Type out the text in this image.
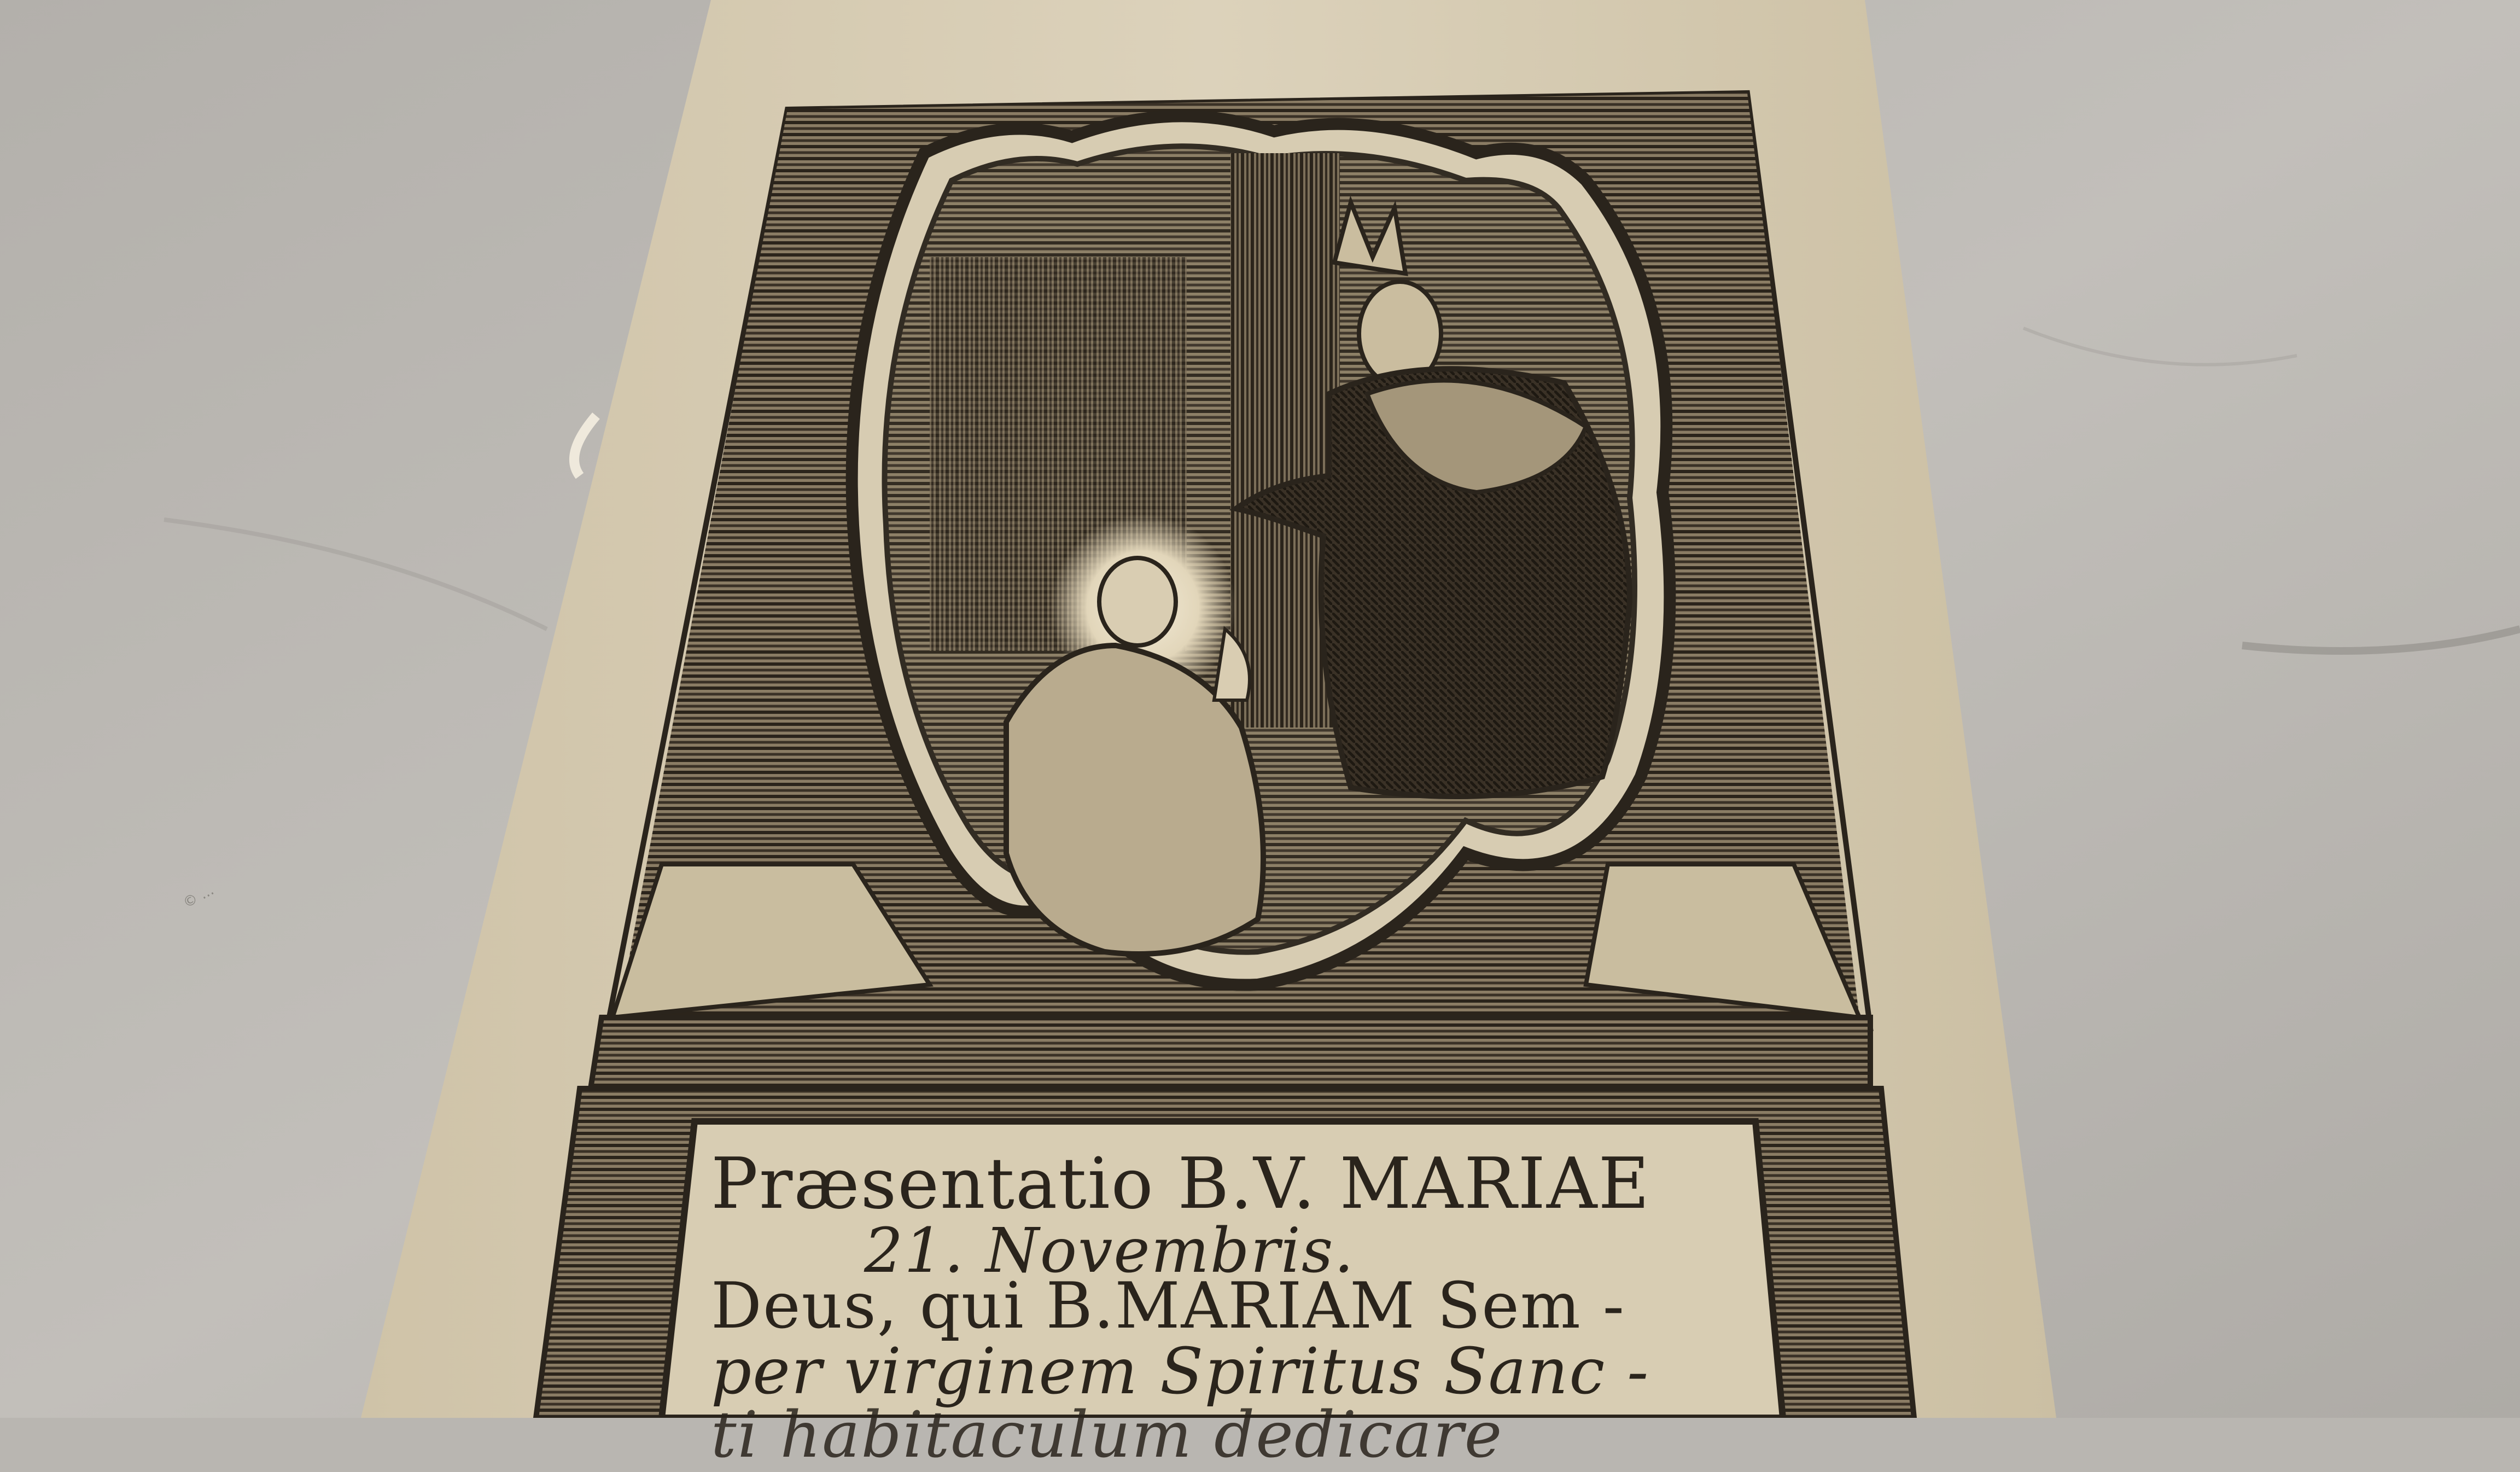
Præsentatio B.V. MARIAE
21. Novembris.
Deus, qui B.MARIAM Sem -
per virginem Spiritus Sanc -
ti habitaculum dedicare
© ...
